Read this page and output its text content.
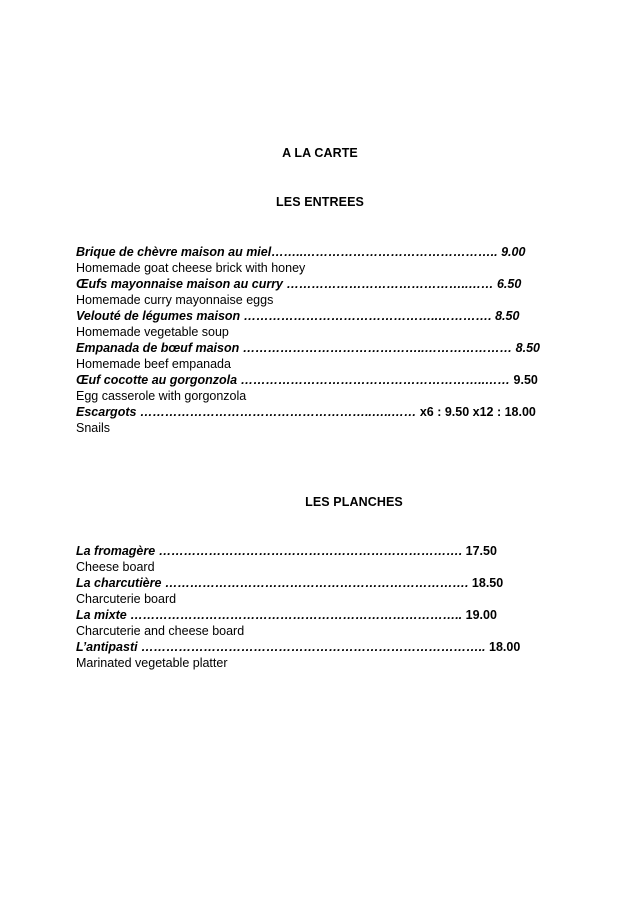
A LA CARTE
LES ENTREES
Brique de chèvre maison au miel……..……………………………………….. 9.00
Homemade goat cheese brick with honey
Œufs mayonnaise maison au curry ……………………………………..…… 6.50
Homemade curry mayonnaise eggs
Velouté de légumes maison ………………………………………..…………. 8.50
Homemade vegetable soup
Empanada de bœuf maison ……………………………………..………………… 8.50
Homemade beef empanada
Œuf cocotte au gorgonzola …………………………………………………..…… 9.50
Egg casserole with gorgonzola
Escargots ………………………………………………..…..…… x6 : 9.50 x12 : 18.00
Snails
LES PLANCHES
La fromagère ………………………………………………………………. 17.50
Cheese board
La charcutière ………………………………………………………………. 18.50
Charcuterie board
La mixte …………………………………………………………………….. 19.00
Charcuterie and cheese board
L’antipasti ……………………………………………………………………….. 18.00
Marinated vegetable platter
